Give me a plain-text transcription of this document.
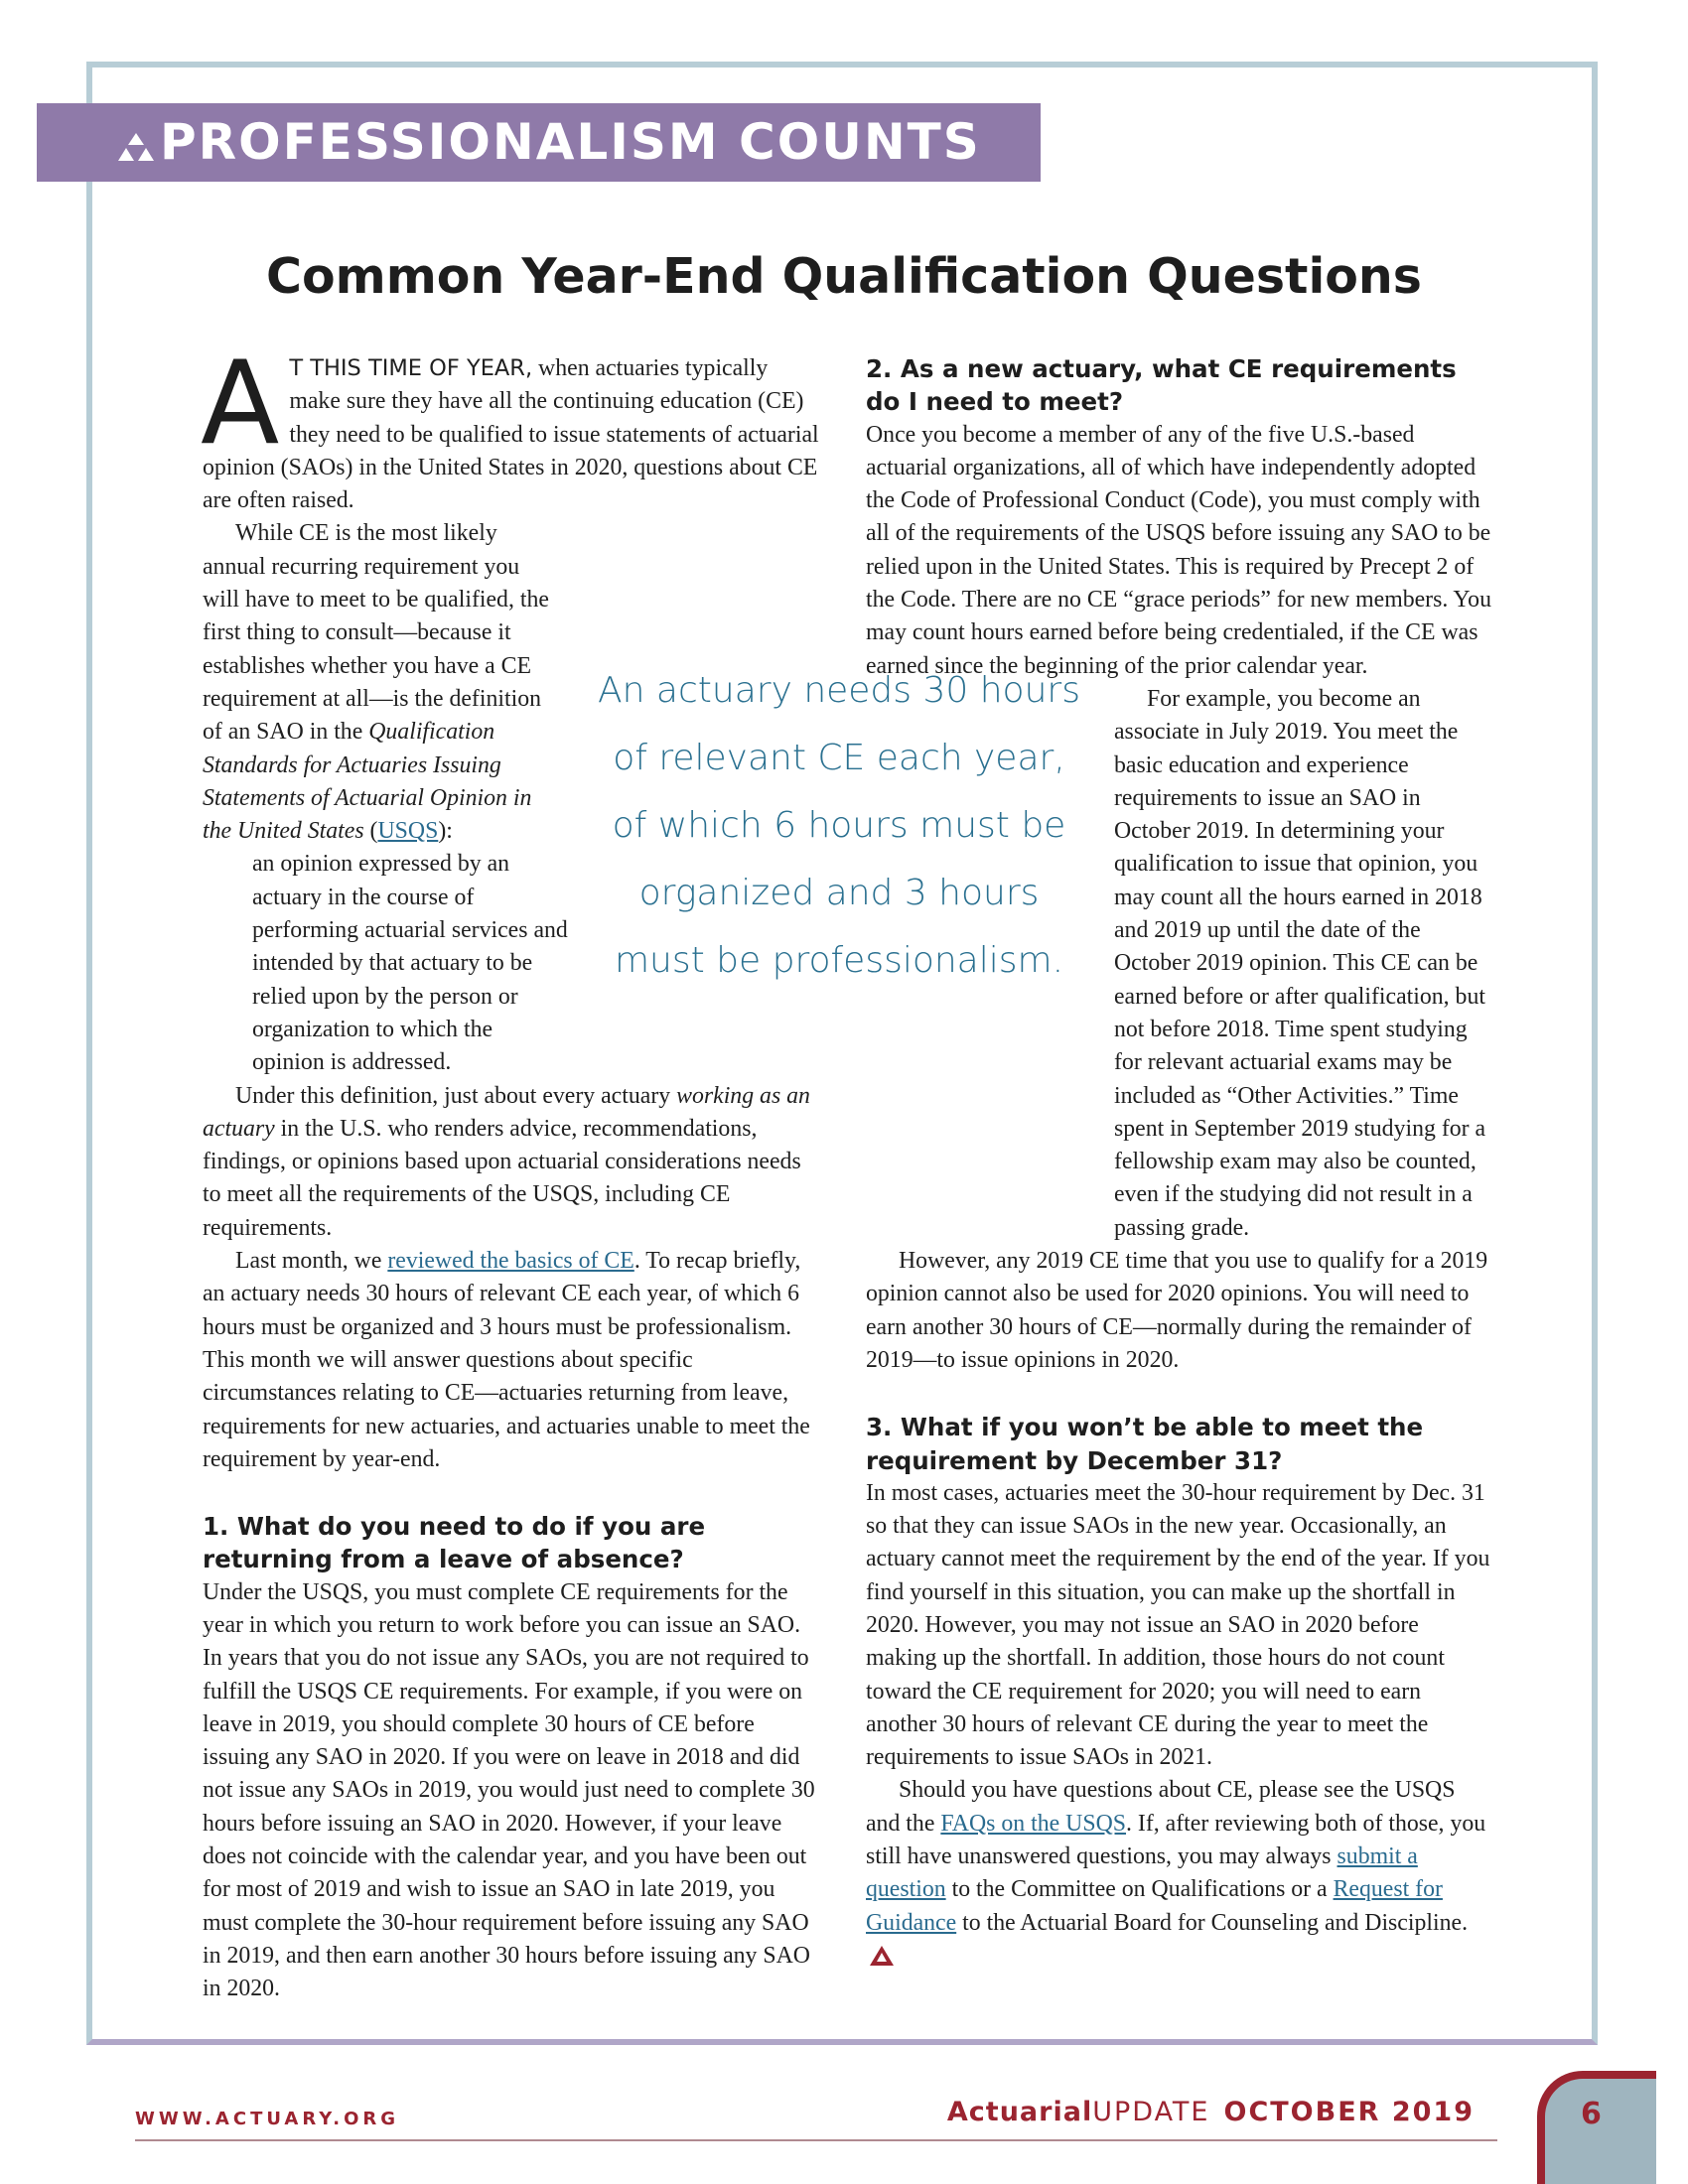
PROFESSIONALISM COUNTS
Common Year-End Qualification Questions

A T THIS TIME OF YEAR, when actuaries typically make sure they have all the continuing education (CE) they need to be qualified to issue statements of actuarial opinion (SAOs) in the United States in 2020, questions about CE are often raised.

While CE is the most likely annual recurring requirement you will have to meet to be qualified, the first thing to consult—because it establishes whether you have a CE requirement at all—is the definition of an SAO in the Qualification Standards for Actuaries Issuing Statements of Actuarial Opinion in the United States (USQS):

an opinion expressed by an actuary in the course of performing actuarial services and intended by that actuary to be relied upon by the person or organization to which the opinion is addressed.

Under this definition, just about every actuary working as an actuary in the U.S. who renders advice, recommendations, findings, or opinions based upon actuarial considerations needs to meet all the requirements of the USQS, including CE requirements.

Last month, we reviewed the basics of CE. To recap briefly, an actuary needs 30 hours of relevant CE each year, of which 6 hours must be organized and 3 hours must be professionalism. This month we will answer questions about specific circumstances relating to CE—actuaries returning from leave, requirements for new actuaries, and actuaries unable to meet the requirement by year-end.

1. What do you need to do if you are returning from a leave of absence?

Under the USQS, you must complete CE requirements for the year in which you return to work before you can issue an SAO. In years that you do not issue any SAOs, you are not required to fulfill the USQS CE requirements. For example, if you were on leave in 2019, you should complete 30 hours of CE before issuing any SAO in 2020. If you were on leave in 2018 and did not issue any SAOs in 2019, you would just need to complete 30 hours before issuing an SAO in 2020. However, if your leave does not coincide with the calendar year, and you have been out for most of 2019 and wish to issue an SAO in late 2019, you must complete the 30-hour requirement before issuing any SAO in 2019, and then earn another 30 hours before issuing any SAO in 2020.

An actuary needs 30 hours of relevant CE each year, of which 6 hours must be organized and 3 hours must be professionalism.
2. As a new actuary, what CE requirements do I need to meet?

Once you become a member of any of the five U.S.-based actuarial organizations, all of which have independently adopted the Code of Professional Conduct (Code), you must comply with all of the requirements of the USQS before issuing any SAO to be relied upon in the United States. This is required by Precept 2 of the Code. There are no CE “grace periods” for new members. You may count hours earned before being credentialed, if the CE was earned since the beginning of the prior calendar year.

For example, you become an associate in July 2019. You meet the basic education and experience requirements to issue an SAO in October 2019. In determining your qualification to issue that opinion, you may count all the hours earned in 2018 and 2019 up until the date of the October 2019 opinion. This CE can be earned before or after qualification, but not before 2018. Time spent studying for relevant actuarial exams may be included as “Other Activities.” Time spent in September 2019 studying for a fellowship exam may also be counted, even if the studying did not result in a passing grade.

However, any 2019 CE time that you use to qualify for a 2019 opinion cannot also be used for 2020 opinions. You will need to earn another 30 hours of CE—normally during the remainder of 2019—to issue opinions in 2020.

3. What if you won’t be able to meet the requirement by December 31?

In most cases, actuaries meet the 30-hour requirement by Dec. 31 so that they can issue SAOs in the new year. Occasionally, an actuary cannot meet the requirement by the end of the year. If you find yourself in this situation, you can make up the shortfall in 2020. However, you may not issue an SAO in 2020 before making up the shortfall. In addition, those hours do not count toward the CE requirement for 2020; you will need to earn another 30 hours of relevant CE during the year to meet the requirements to issue SAOs in 2021.

Should you have questions about CE, please see the USQS and the FAQs on the USQS. If, after reviewing both of those, you still have unanswered questions, you may always submit a question to the Committee on Qualifications or a Request for Guidance to the Actuarial Board for Counseling and Discipline.

WWW.ACTUARY.ORG	ActuarialUPDATE OCTOBER 2019	6
